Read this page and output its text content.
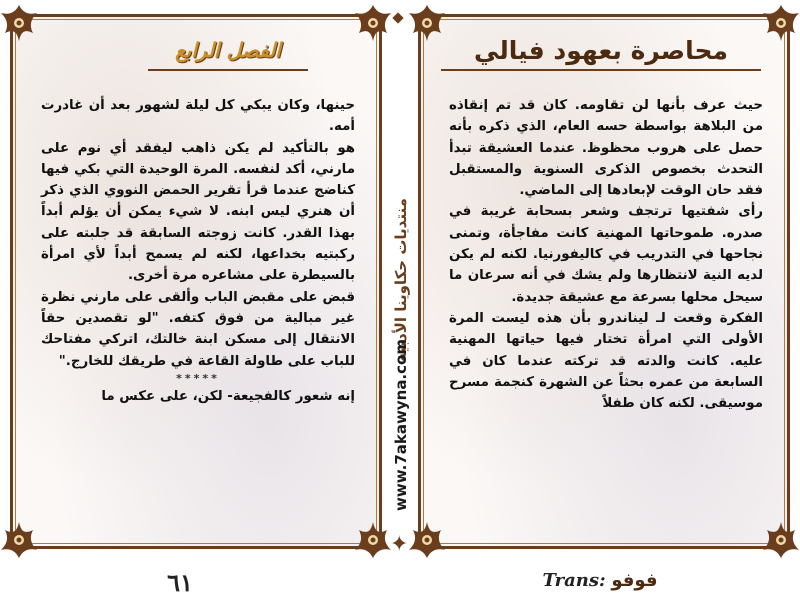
الفصل الرابع

حينها، وكان يبكي كل ليلة لشهور بعد أن غادرت أمه.

هو بالتأكيد لم يكن ذاهب ليفقد أي نوم على مارني، أكد لنفسه. المرة الوحيدة التي بكي فيها كناضج عندما قرأ تقرير الحمض النووي الذي ذكر أن هنري ليس ابنه. لا شيء يمكن أن يؤلم أبداً بهذا القدر. كانت زوجته السابقة قد جلبته على ركبتيه بخداعها، لكنه لم يسمح أبداً لأي امرأة بالسيطرة على مشاعره مرة أخرى.

قبض على مقبض الباب وألقى على مارني نظرة غير مبالية من فوق كتفه. "لو تقصدين حقاً الانتقال إلى مسكن ابنة خالتك، اتركي مفتاحك للباب على طاولة القاعة في طريقك للخارج."

*****

إنه شعور كالفجيعة- لكن، على عكس ما

محاصرة بعهود فيالي

حيث عرف بأنها لن تقاومه. كان قد تم إنقاذه من البلاهة بواسطة حسه العام، الذي ذكره بأنه حصل على هروب محظوظ. عندما العشيقة تبدأ التحدث بخصوص الذكرى السنوية والمستقبل فقد حان الوقت لإبعادها إلى الماضي.

رأى شفتيها ترتجف وشعر بسحابة غريبة في صدره. طموحاتها المهنية كانت مفاجأة، وتمنى نجاحها في التدريب في كاليفورنيا. لكنه لم يكن لديه النية لانتظارها ولم يشك في أنه سرعان ما سيحل محلها بسرعة مع عشيقة جديدة.

الفكرة وقعت لـ ليناندرو بأن هذه ليست المرة الأولى التي امرأة تختار فيها حياتها المهنية عليه. كانت والدته قد تركته عندما كان في السابعة من عمره بحثاً عن الشهرة كنجمة مسرح موسيقى. لكنه كان طفلاً

✦
منتديات حكاوينا الأدبية
www.7akawyna.com
٦١	Trans: فوفو
